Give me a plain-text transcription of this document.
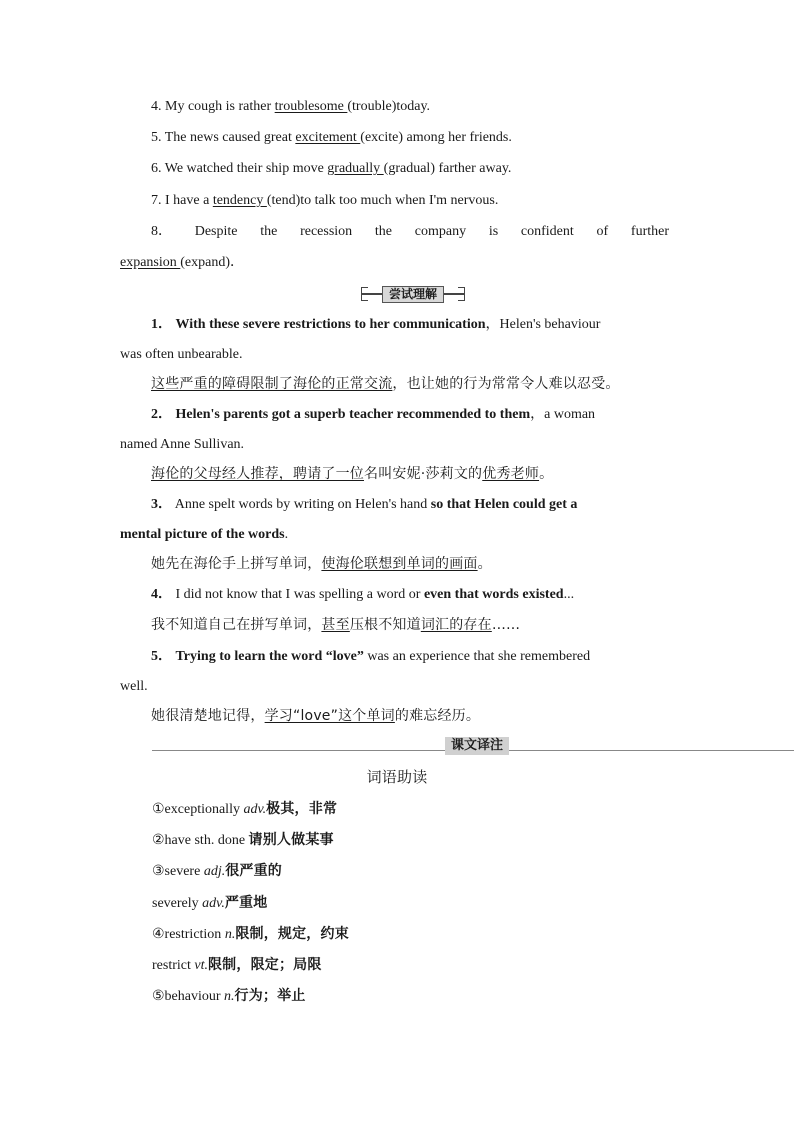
4. My cough is rather troublesome (trouble)today.
5. The news caused great excitement (excite) among her friends.
6. We watched their ship move gradually (gradual) farther away.
7. I have a tendency (tend)to talk too much when I'm nervous.
8． Despite the recession the company is confident of further
expansion (expand)．
尝试理解
1． With these severe restrictions to her communication，Helen's behaviour
was often unbearable.
这些严重的障碍限制了海伦的正常交流，也让她的行为常常令人难以忍受。
2． Helen's parents got a superb teacher recommended to them，a woman
named Anne Sullivan.
海伦的父母经人推荐，聘请了一位名叫安妮·莎莉文的优秀老师。
3． Anne spelt words by writing on Helen's hand so that Helen could get a
mental picture of the words.
她先在海伦手上拼写单词，使海伦联想到单词的画面。
4． I did not know that I was spelling a word or even that words existed...
我不知道自己在拼写单词，甚至压根不知道词汇的存在……
5． Trying to learn the word “love” was an experience that she remembered
well.
她很清楚地记得，学习“love”这个单词的难忘经历。
课文译注
词语助读
①exceptionally adv.极其，非常
②have sth. done 请别人做某事
③severe adj.很严重的
severely adv.严重地
④restriction n.限制，规定，约束
restrict vt.限制，限定；局限
⑤behaviour n.行为；举止
